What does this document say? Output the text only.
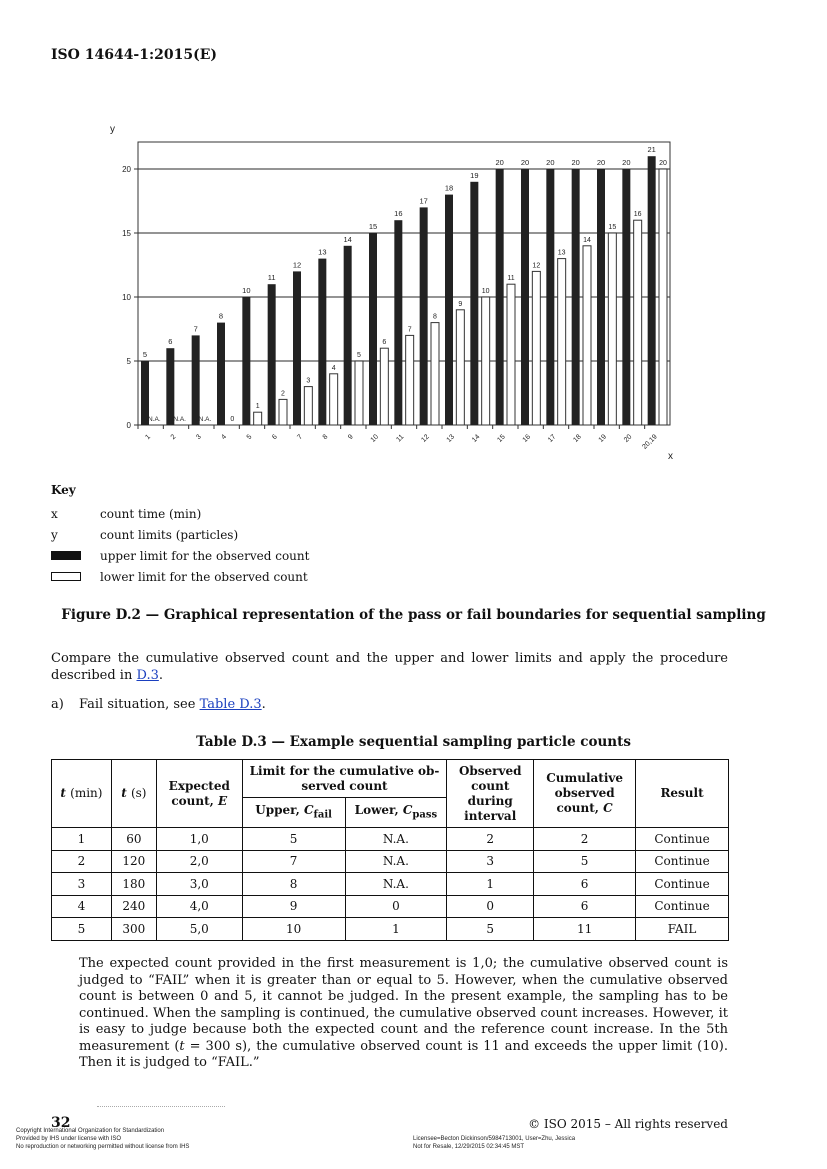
ISO 14644-1:2015(E)
0
5
10
15
20
y
x
5
N.A.
1
6
N.A.
2
7
N.A.
3
8
0
4
10
1
5
11
2
6
12
3
7
13
4
8
14
5
9
15
6
10
16
7
11
17
8
12
18
9
13
19
10
14
20
11
15
20
12
16
20
13
17
20
14
18
20
15
19
20
16
20
21
20
20,19
Key
x	count time (min)
y	count limits (particles)
upper limit for the observed count
lower limit for the observed count
Figure D.2 — Graphical representation of the pass or fail boundaries for sequential sampling
Compare the cumulative observed count and the upper and lower limits and apply the procedure described in D.3.
a) Fail situation, see Table D.3.
Table D.3 — Example sequential sampling particle counts
t (min)	t (s)	Expected count, E	Limit for the cumulative ob-served count		Observed count during interval	Cumulative observed count, C	Result
			Upper, $C_{fail}$	Lower, $C_{pass}$
1	60	1,0	5	N.A.	2	2	Continue
2	120	2,0	7	N.A.	3	5	Continue
3	180	3,0	8	N.A.	1	6	Continue
4	240	4,0	9	0	0	6	Continue
5	300	5,0	10	1	5	11	FAIL
The expected count provided in the first measurement is 1,0; the cumulative observed count is judged to “FAIL” when it is greater than or equal to 5. However, when the cumulative observed count is between 0 and 5, it cannot be judged. In the present example, the sampling has to be continued. When the sampling is continued, the cumulative observed count increases. However, it is easy to judge because both the expected count and the reference count increase. In the 5th measurement (t = 300 s), the cumulative observed count is 11 and exceeds the upper limit (10). Then it is judged to “FAIL.”
32	© ISO 2015 – All rights reserved
Copyright International Organization for Standardization
Provided by IHS under license with ISO
No reproduction or networking permitted without license from IHS
Licensee=Becton Dickinson/5984713001, User=Zhu, Jessica
Not for Resale, 12/29/2015 02:34:45 MST
